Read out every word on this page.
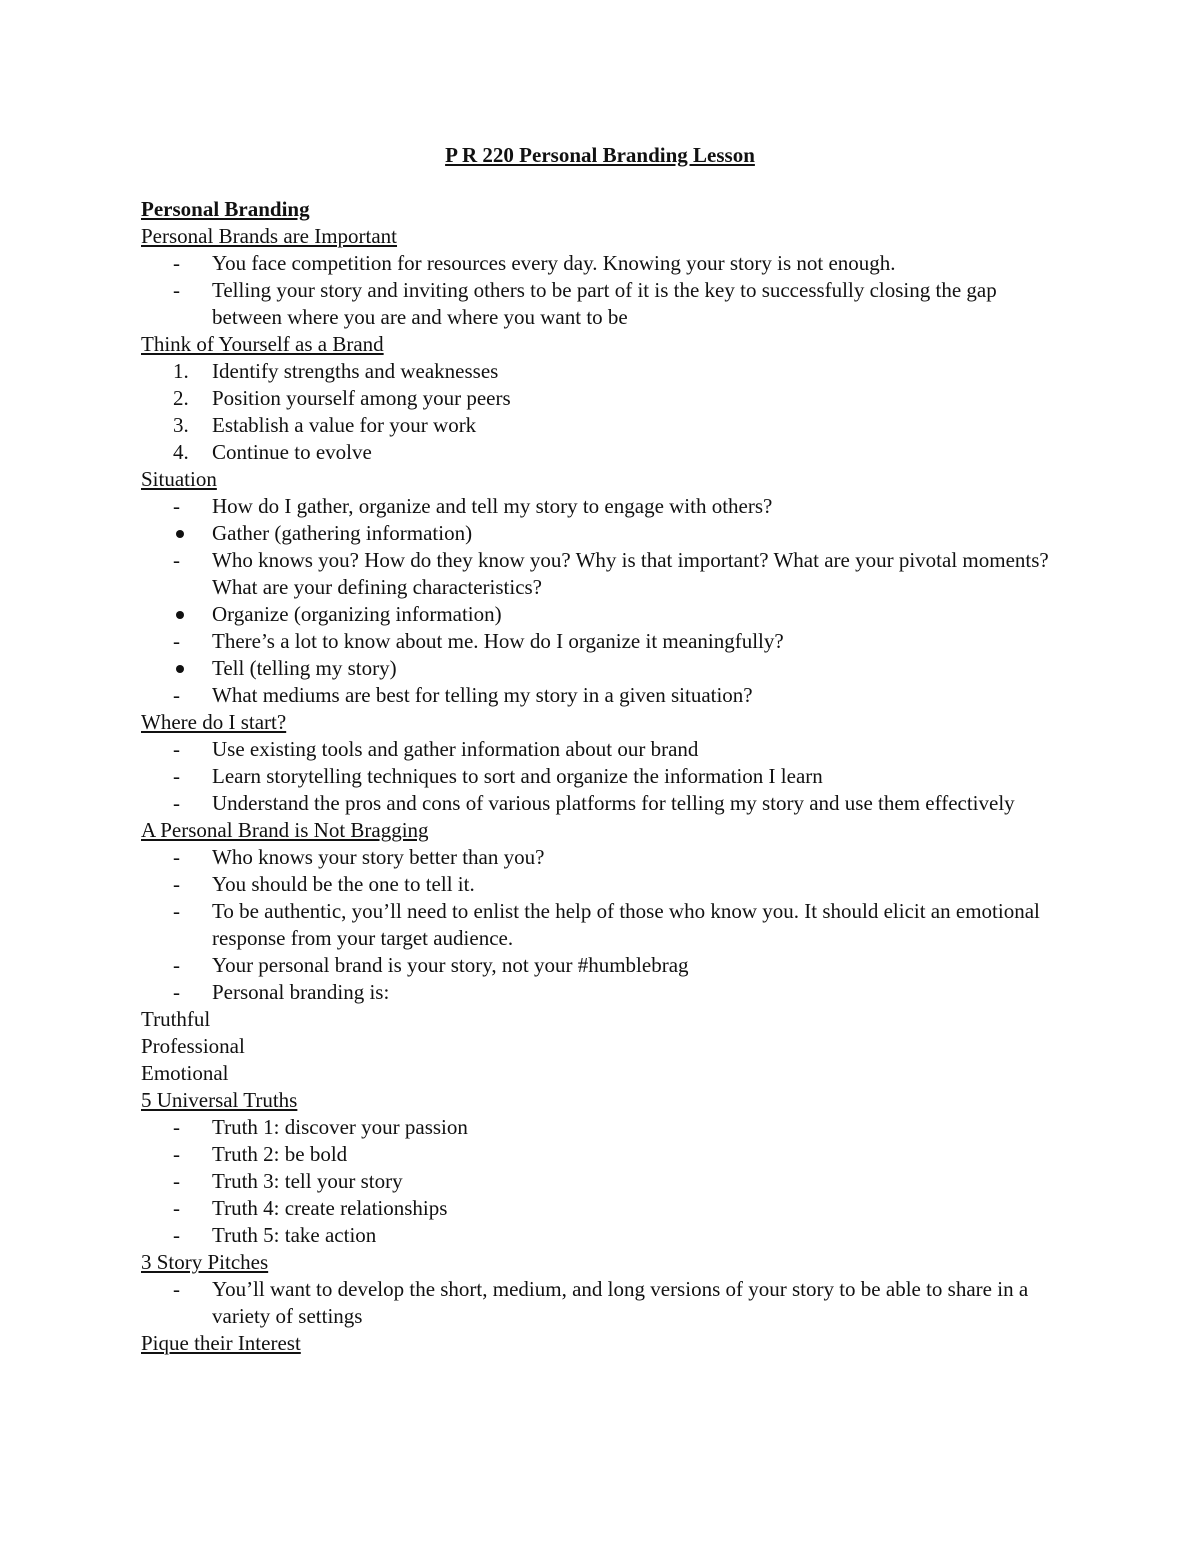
P R 220 Personal Branding Lesson
Personal Branding
Personal Brands are Important
-	You face competition for resources every day. Knowing your story is not enough.
-	Telling your story and inviting others to be part of it is the key to successfully closing the gap between where you are and where you want to be
Think of Yourself as a Brand
1.	Identify strengths and weaknesses
2.	Position yourself among your peers
3.	Establish a value for your work
4.	Continue to evolve
Situation
-	How do I gather, organize and tell my story to engage with others?
Gather (gathering information)
-	Who knows you? How do they know you? Why is that important? What are your pivotal moments? What are your defining characteristics?
Organize (organizing information)
-	There’s a lot to know about me. How do I organize it meaningfully?
Tell (telling my story)
-	What mediums are best for telling my story in a given situation?
Where do I start?
-	Use existing tools and gather information about our brand
-	Learn storytelling techniques to sort and organize the information I learn
-	Understand the pros and cons of various platforms for telling my story and use them effectively
A Personal Brand is Not Bragging
-	Who knows your story better than you?
-	You should be the one to tell it.
-	To be authentic, you’ll need to enlist the help of those who know you. It should elicit an emotional response from your target audience.
-	Your personal brand is your story, not your #humblebrag
-	Personal branding is:
Truthful
Professional
Emotional
5 Universal Truths
-	Truth 1: discover your passion
-	Truth 2: be bold
-	Truth 3: tell your story
-	Truth 4: create relationships
-	Truth 5: take action
3 Story Pitches
-	You’ll want to develop the short, medium, and long versions of your story to be able to share in a variety of settings
Pique their Interest
